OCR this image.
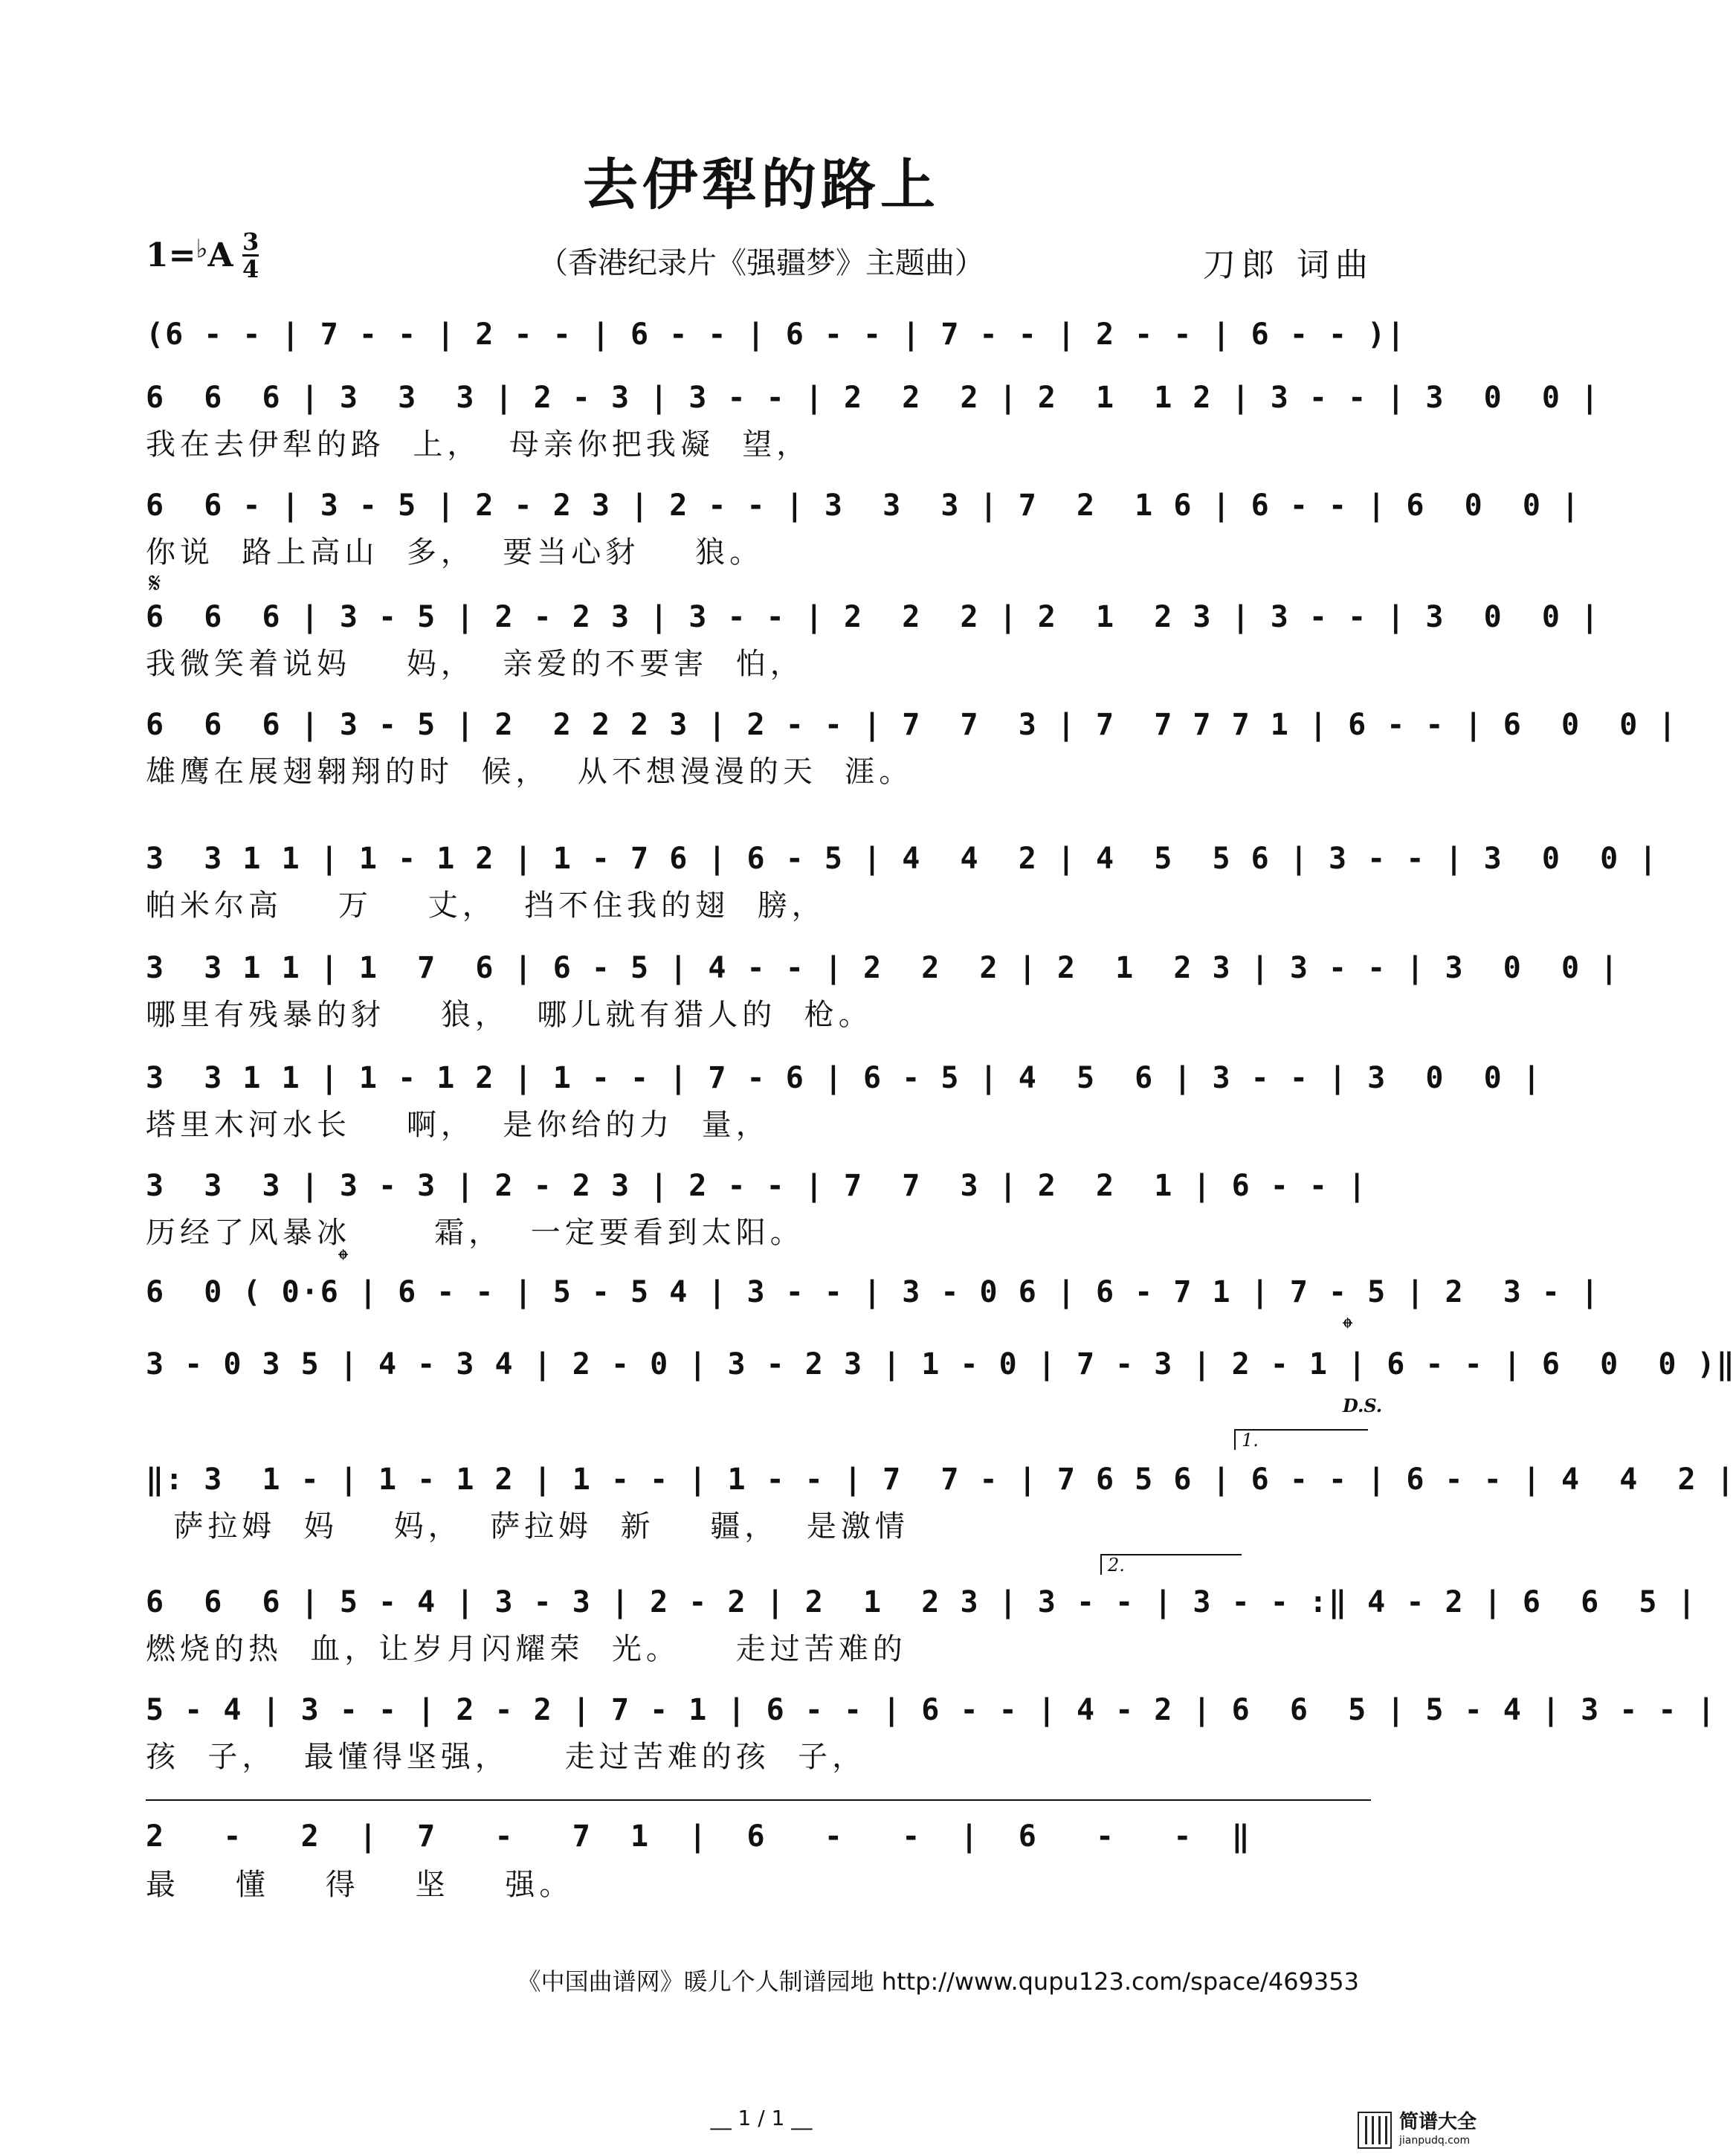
去伊犁的路上
1=♭A 3
4	（香港纪录片《强疆梦》主题曲）	刀郎 词曲
(6 - - | 7 - - | 2 - - | 6 - - | 6 - - | 7 - - | 2 - - | 6 - - )|
6  6  6 | 3  3  3 | 2 - 3 | 3 - - | 2  2  2 | 2  1  1 2 | 3 - - | 3  0  0 |
我在去伊犁的路  上，  母亲你把我凝  望，
6  6 - | 3 - 5 | 2 - 2 3 | 2 - - | 3  3  3 | 7  2  1 6 | 6 - - | 6  0  0 |
你说  路上高山  多，  要当心豺    狼。
𝄋
6  6  6 | 3 - 5 | 2 - 2 3 | 3 - - | 2  2  2 | 2  1  2 3 | 3 - - | 3  0  0 |
我微笑着说妈    妈，  亲爱的不要害  怕，
6  6  6 | 3 - 5 | 2  2 2 2 3 | 2 - - | 7  7  3 | 7  7 7 7 1 | 6 - - | 6  0  0 |
雄鹰在展翅翱翔的时  候，  从不想漫漫的天  涯。
3  3 1 1 | 1 - 1 2 | 1 - 7 6 | 6 - 5 | 4  4  2 | 4  5  5 6 | 3 - - | 3  0  0 |
帕米尔高    万    丈，  挡不住我的翅  膀，
3  3 1 1 | 1  7  6 | 6 - 5 | 4 - - | 2  2  2 | 2  1  2 3 | 3 - - | 3  0  0 |
哪里有残暴的豺    狼，  哪儿就有猎人的  枪。
3  3 1 1 | 1 - 1 2 | 1 - - | 7 - 6 | 6 - 5 | 4  5  6 | 3 - - | 3  0  0 |
塔里木河水长    啊，  是你给的力  量，
3  3  3 | 3 - 3 | 2 - 2 3 | 2 - - | 7  7  3 | 2  2  1 | 6 - - |
历经了风暴冰      霜，  一定要看到太阳。
𝄌
6  0 ( 0·6 | 6 - - | 5 - 5 4 | 3 - - | 3 - 0 6 | 6 - 7 1 | 7 - 5 | 2  3 - |
3 - 0 3 5 | 4 - 3 4 | 2 - 0 | 3 - 2 3 | 1 - 0 | 7 - 3 | 2 - 1 | 6 - - | 6  0  0 )‖
𝄌
D.S.
1.
‖: 3  1 - | 1 - 1 2 | 1 - - | 1 - - | 7  7 - | 7 6 5 6 | 6 - - | 6 - - | 4  4  2 |
萨拉姆  妈    妈，  萨拉姆  新    疆，  是激情
2.
6  6  6 | 5 - 4 | 3 - 3 | 2 - 2 | 2  1  2 3 | 3 - - | 3 - - :‖ 4 - 2 | 6  6  5 |
燃烧的热  血，让岁月闪耀荣  光。    走过苦难的
5 - 4 | 3 - - | 2 - 2 | 7 - 1 | 6 - - | 6 - - | 4 - 2 | 6  6  5 | 5 - 4 | 3 - - |
孩  子，  最懂得坚强，    走过苦难的孩  子，
2   -   2  |  7   -   7  1  |  6   -   -  |  6   -   -  ‖
最    懂    得    坚    强。
《中国曲谱网》暖儿个人制谱园地 http://www.qupu123.com/space/469353
__ 1 / 1 __	简谱大全
jianpudq.com
